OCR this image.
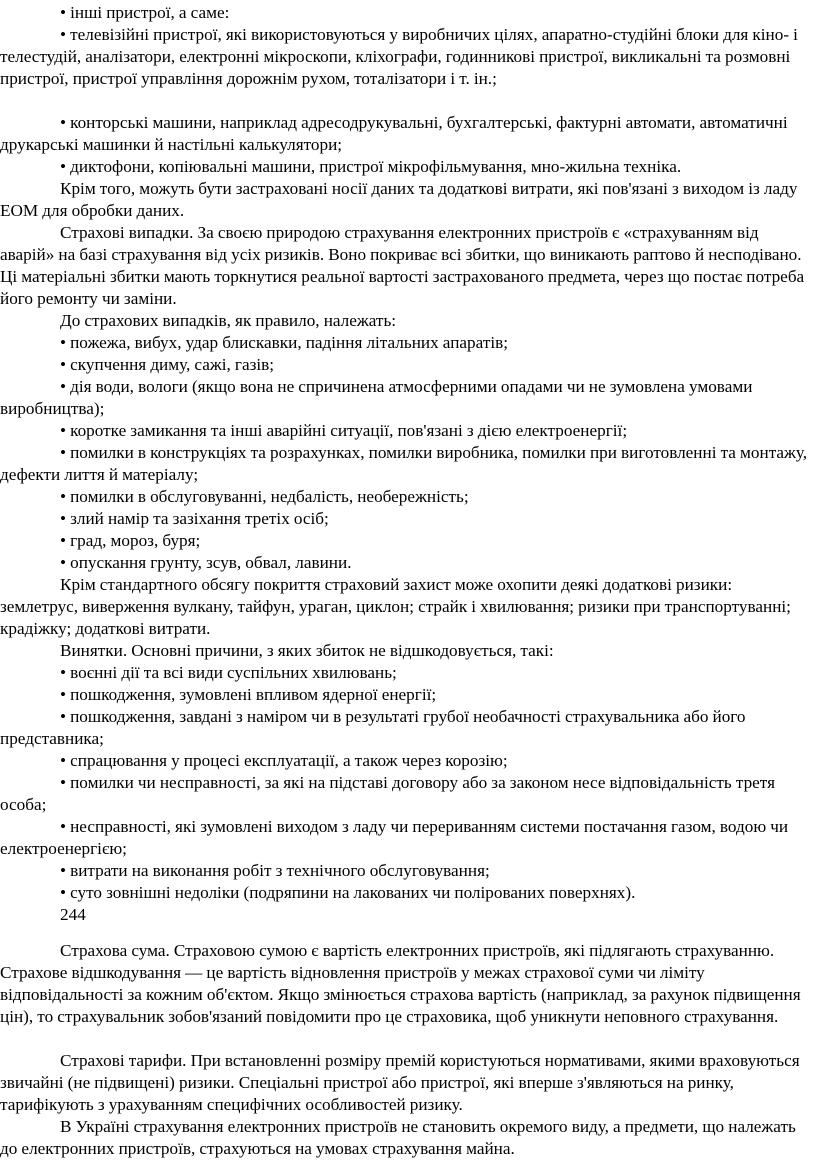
• інші пристрої, а саме:

• телевізійні пристрої, які використовуються у виробничих цілях, апаратно-студійні блоки для кіно- і телестудій, аналізатори, електронні мікроскопи, кліхографи, годинникові пристрої, викликальні та розмовні пристрої, пристрої управління дорожнім рухом, тоталізатори і т. ін.;

• конторські машини, наприклад адресодрукувальні, бухгалтерські, фактурні автомати, автоматичні друкарські машинки й настільні калькулятори;

• диктофони, копіювальні машини, пристрої мікрофільмування, мно-жильна техніка.

Крім того, можуть бути застраховані носії даних та додаткові витрати, які пов'язані з виходом із ладу ЕОМ для обробки даних.

Страхові випадки. За своєю природою страхування електронних пристроїв є «страхуванням від аварій» на базі страхування від усіх ризиків. Воно покриває всі збитки, що виникають раптово й несподівано. Ці матеріальні збитки мають торкнутися реальної вартості застрахованого предмета, через що постає потреба його ремонту чи заміни.

До страхових випадків, як правило, належать:

• пожежа, вибух, удар блискавки, падіння літальних апаратів;

• скупчення диму, сажі, газів;

• дія води, вологи (якщо вона не спричинена атмосферними опадами чи не зумовлена умовами виробництва);

• коротке замикання та інші аварійні ситуації, пов'язані з дією електроенергії;

• помилки в конструкціях та розрахунках, помилки виробника, помилки при виготовленні та монтажу, дефекти лиття й матеріалу;

• помилки в обслуговуванні, недбалість, необережність;

• злий намір та зазіхання третіх осіб;

• град, мороз, буря;

• опускання грунту, зсув, обвал, лавини.

Крім стандартного обсягу покриття страховий захист може охопити деякі додаткові ризики: землетрус, виверження вулкану, тайфун, ураган, циклон; страйк і хвилювання; ризики при транспортуванні; крадіжку; додаткові витрати.

Винятки. Основні причини, з яких збиток не відшкодовується, такі:

• воєнні дії та всі види суспільних хвилювань;

• пошкодження, зумовлені впливом ядерної енергії;

• пошкодження, завдані з наміром чи в результаті грубої необачності страхувальника або його представника;

• спрацювання у процесі експлуатації, а також через корозію;

• помилки чи несправності, за які на підставі договору або за законом несе відповідальність третя особа;

• несправності, які зумовлені виходом з ладу чи перериванням системи постачання газом, водою чи електроенергією;

• витрати на виконання робіт з технічного обслуговування;

• суто зовнішні недоліки (подряпини на лакованих чи полірованих поверхнях).

244

Страхова сума. Страховою сумою є вартість електронних пристроїв, які підлягають страхуванню. Страхове відшкодування — це вартість відновлення пристроїв у межах страхової суми чи ліміту відповідальності за кожним об'єктом. Якщо змінюється страхова вартість (наприклад, за рахунок підвищення цін), то страхувальник зобов'язаний повідомити про це страховика, щоб уникнути неповного страхування.

Страхові тарифи. При встановленні розміру премій користуються нормативами, якими враховуються звичайні (не підвищені) ризики. Спеціальні пристрої або пристрої, які вперше з'являються на ринку, тарифікують з урахуванням специфічних особливостей ризику.

В Україні страхування електронних пристроїв не становить окремого виду, а предмети, що належать до електронних пристроїв, страхуються на умовах страхування майна.
